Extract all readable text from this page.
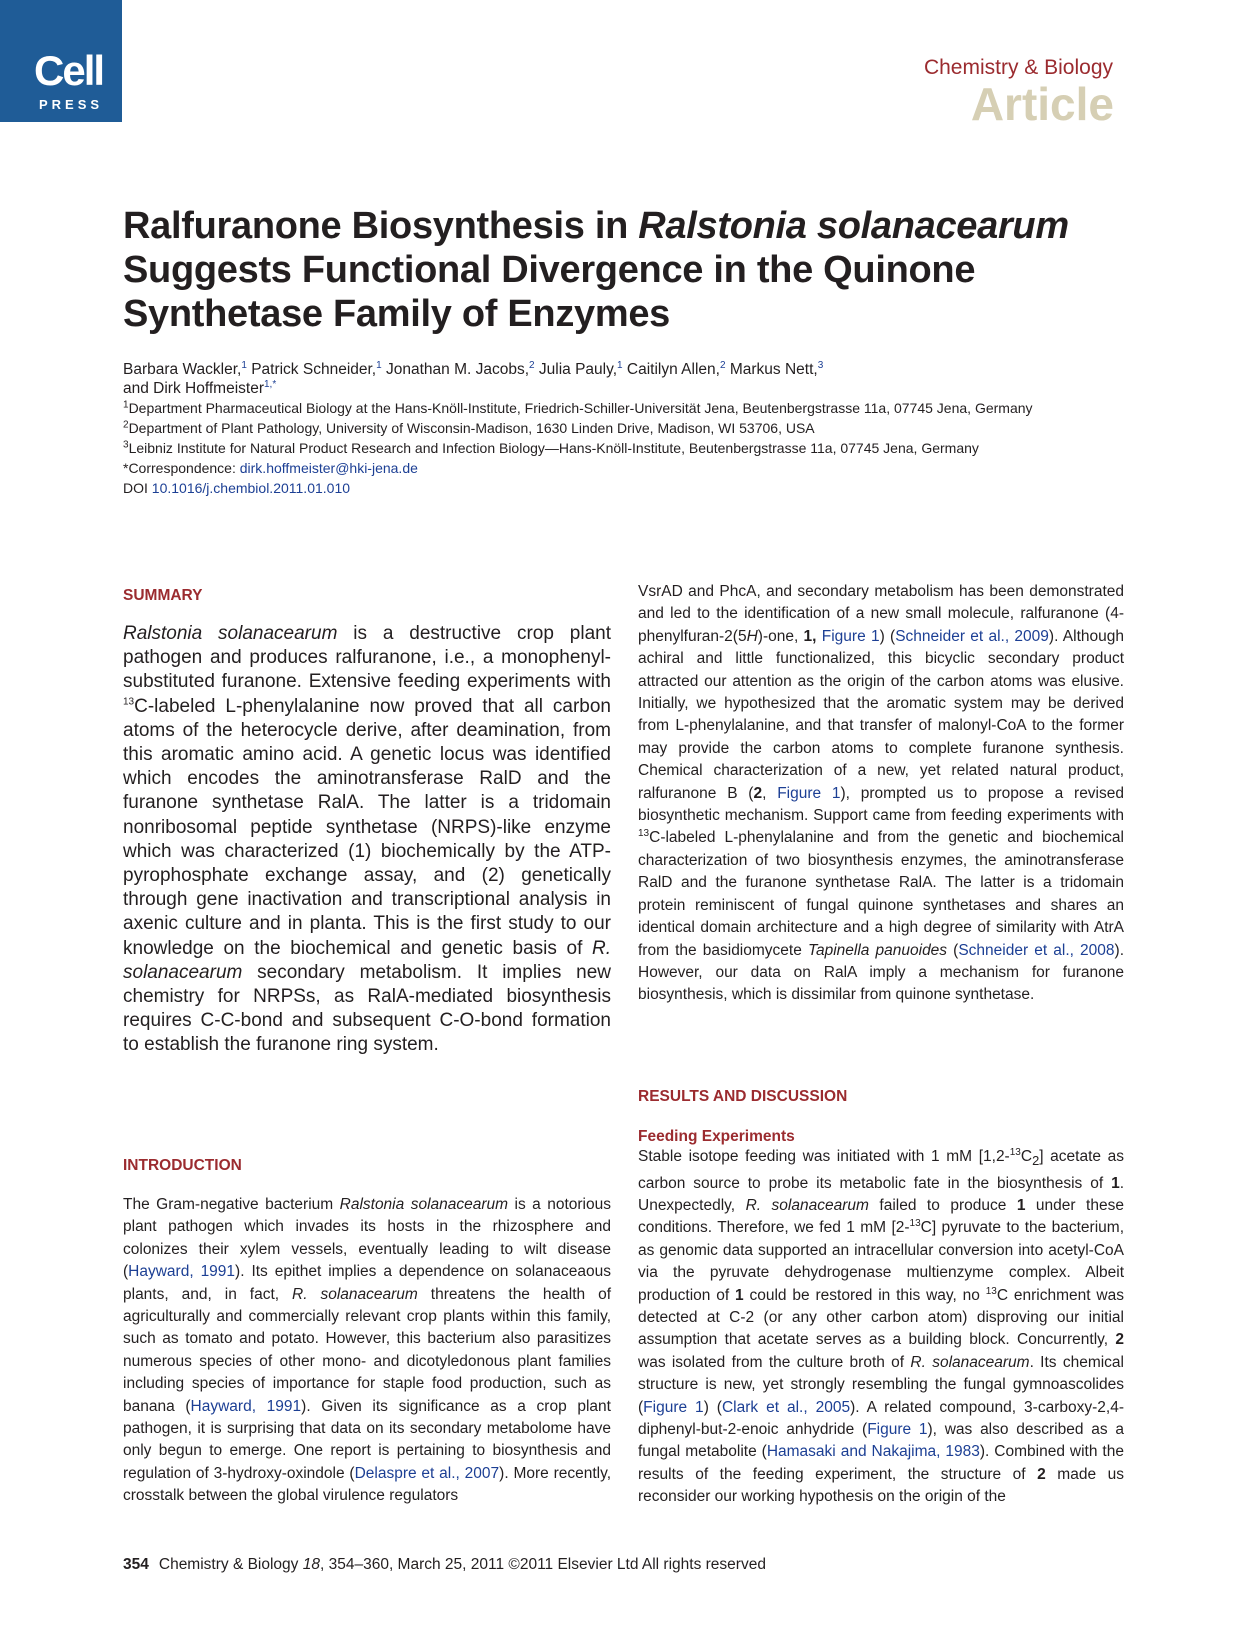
Cell
PRESS
Chemistry & Biology
Article
Ralfuranone Biosynthesis in Ralstonia solanacearum
Suggests Functional Divergence in the Quinone
Synthetase Family of Enzymes
Barbara Wackler,$^1$ Patrick Schneider,$^1$ Jonathan M. Jacobs,$^2$ Julia Pauly,$^1$ Caitilyn Allen,$^2$ Markus Nett,$^3$
and Dirk Hoffmeister$^{1,*}$

$^1$Department Pharmaceutical Biology at the Hans-Knöll-Institute, Friedrich-Schiller-Universität Jena, Beutenbergstrasse 11a, 07745 Jena, Germany

$^2$Department of Plant Pathology, University of Wisconsin-Madison, 1630 Linden Drive, Madison, WI 53706, USA

$^3$Leibniz Institute for Natural Product Research and Infection Biology—Hans-Knöll-Institute, Beutenbergstrasse 11a, 07745 Jena, Germany

*Correspondence: dirk.hoffmeister@hki-jena.de

DOI 10.1016/j.chembiol.2011.01.010

SUMMARY

Ralstonia solanacearum is a destructive crop plant pathogen and produces ralfuranone, i.e., a monophenyl-substituted furanone. Extensive feeding experiments with $^{13}$C-labeled L-phenylalanine now proved that all carbon atoms of the heterocycle derive, after deamination, from this aromatic amino acid. A genetic locus was identified which encodes the aminotransferase RalD and the furanone synthetase RalA. The latter is a tridomain nonribosomal peptide synthetase (NRPS)-like enzyme which was characterized (1) biochemically by the ATP-pyrophosphate exchange assay, and (2) genetically through gene inactivation and transcriptional analysis in axenic culture and in planta. This is the first study to our knowledge on the biochemical and genetic basis of R. solanacearum secondary metabolism. It implies new chemistry for NRPSs, as RalA-mediated biosynthesis requires C-C-bond and subsequent C-O-bond formation to establish the furanone ring system.

INTRODUCTION

The Gram-negative bacterium Ralstonia solanacearum is a notorious plant pathogen which invades its hosts in the rhizosphere and colonizes their xylem vessels, eventually leading to wilt disease (Hayward, 1991). Its epithet implies a dependence on solanaceaous plants, and, in fact, R. solanacearum threatens the health of agriculturally and commercially relevant crop plants within this family, such as tomato and potato. However, this bacterium also parasitizes numerous species of other mono- and dicotyledonous plant families including species of importance for staple food production, such as banana (Hayward, 1991). Given its significance as a crop plant pathogen, it is surprising that data on its secondary metabolome have only begun to emerge. One report is pertaining to biosynthesis and regulation of 3-hydroxy-oxindole (Delaspre et al., 2007). More recently, crosstalk between the global virulence regulators

VsrAD and PhcA, and secondary metabolism has been demonstrated and led to the identification of a new small molecule, ralfuranone (4-phenylfuran-2(5H)-one, 1, Figure 1) (Schneider et al., 2009). Although achiral and little functionalized, this bicyclic secondary product attracted our attention as the origin of the carbon atoms was elusive. Initially, we hypothesized that the aromatic system may be derived from L-phenylalanine, and that transfer of malonyl-CoA to the former may provide the carbon atoms to complete furanone synthesis. Chemical characterization of a new, yet related natural product, ralfuranone B (2, Figure 1), prompted us to propose a revised biosynthetic mechanism. Support came from feeding experiments with $^{13}$C-labeled L-phenylalanine and from the genetic and biochemical characterization of two biosynthesis enzymes, the aminotransferase RalD and the furanone synthetase RalA. The latter is a tridomain protein reminiscent of fungal quinone synthetases and shares an identical domain architecture and a high degree of similarity with AtrA from the basidiomycete Tapinella panuoides (Schneider et al., 2008). However, our data on RalA imply a mechanism for furanone biosynthesis, which is dissimilar from quinone synthetase.

RESULTS AND DISCUSSION
Feeding Experiments

Stable isotope feeding was initiated with 1 mM $[1,2-^{13}C_2]$ acetate as carbon source to probe its metabolic fate in the biosynthesis of 1. Unexpectedly, R. solanacearum failed to produce 1 under these conditions. Therefore, we fed 1 mM [2-$^{13}$C] pyruvate to the bacterium, as genomic data supported an intracellular conversion into acetyl-CoA via the pyruvate dehydrogenase multienzyme complex. Albeit production of 1 could be restored in this way, no $^{13}$C enrichment was detected at C-2 (or any other carbon atom) disproving our initial assumption that acetate serves as a building block. Concurrently, 2 was isolated from the culture broth of R. solanacearum. Its chemical structure is new, yet strongly resembling the fungal gymnoascolides (Figure 1) (Clark et al., 2005). A related compound, 3-carboxy-2,4-diphenyl-but-2-enoic anhydride (Figure 1), was also described as a fungal metabolite (Hamasaki and Nakajima, 1983). Combined with the results of the feeding experiment, the structure of 2 made us reconsider our working hypothesis on the origin of the

354 Chemistry & Biology 18, 354–360, March 25, 2011 ©2011 Elsevier Ltd All rights reserved
